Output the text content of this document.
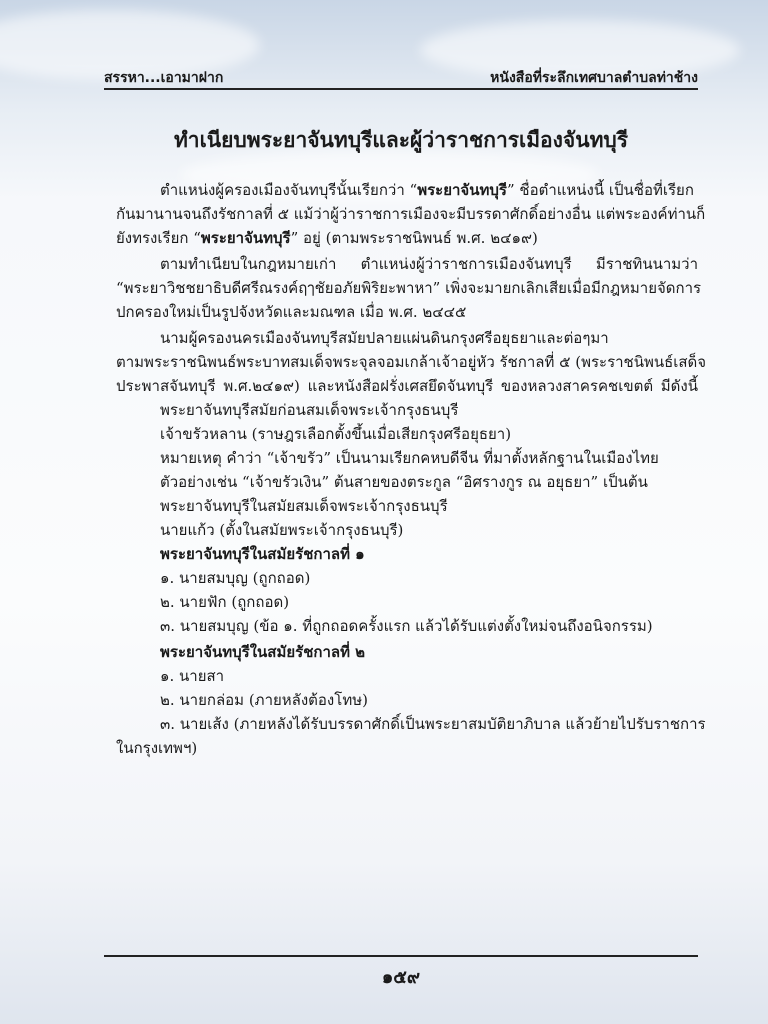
สรรหา...เอามาฝาก	หนังสือที่ระลึกเทศบาลตำบลท่าช้าง
ทำเนียบพระยาจันทบุรีและผู้ว่าราชการเมืองจันทบุรี
ตำแหน่งผู้ครองเมืองจันทบุรีนั้นเรียกว่า “พระยาจันทบุรี” ชื่อตำแหน่งนี้ เป็นชื่อที่เรียก
กันมานานจนถึงรัชกาลที่ ๕ แม้ว่าผู้ว่าราชการเมืองจะมีบรรดาศักดิ์อย่างอื่น แต่พระองค์ท่านก็
ยังทรงเรียก “พระยาจันทบุรี” อยู่ (ตามพระราชนิพนธ์ พ.ศ. ๒๔๑๙)
ตามทำเนียบในกฎหมายเก่า ตำแหน่งผู้ว่าราชการเมืองจันทบุรี มีราชทินนามว่า
“พระยาวิชชยาธิบดีศรีณรงค์ฤๅชัยอภัยพิริยะพาหา” เพิ่งจะมายกเลิกเสียเมื่อมีกฎหมายจัดการ
ปกครองใหม่เป็นรูปจังหวัดและมณฑล เมื่อ พ.ศ. ๒๔๔๕
นามผู้ครองนครเมืองจันทบุรีสมัยปลายแผ่นดินกรุงศรีอยุธยาและต่อๆมา
ตามพระราชนิพนธ์พระบาทสมเด็จพระจุลจอมเกล้าเจ้าอยู่หัว รัชกาลที่ ๕ (พระราชนิพนธ์เสด็จ
ประพาสจันทบุรี พ.ศ.๒๔๑๙) และหนังสือฝรั่งเศสยึดจันทบุรี ของหลวงสาครคชเขตต์ มีดังนี้
พระยาจันทบุรีสมัยก่อนสมเด็จพระเจ้ากรุงธนบุรี
เจ้าขรัวหลาน (ราษฎรเลือกตั้งขึ้นเมื่อเสียกรุงศรีอยุธยา)
หมายเหตุ คำว่า “เจ้าขรัว” เป็นนามเรียกคหบดีจีน ที่มาตั้งหลักฐานในเมืองไทย
ตัวอย่างเช่น “เจ้าขรัวเงิน” ต้นสายของตระกูล “อิศรางกูร ณ อยุธยา” เป็นต้น
พระยาจันทบุรีในสมัยสมเด็จพระเจ้ากรุงธนบุรี
นายแก้ว (ตั้งในสมัยพระเจ้ากรุงธนบุรี)
พระยาจันทบุรีในสมัยรัชกาลที่ ๑
๑. นายสมบุญ (ถูกถอด)
๒. นายฟัก (ถูกถอด)
๓. นายสมบุญ (ข้อ ๑. ที่ถูกถอดครั้งแรก แล้วได้รับแต่งตั้งใหม่จนถึงอนิจกรรม)
พระยาจันทบุรีในสมัยรัชกาลที่ ๒
๑. นายสา
๒. นายกล่อม (ภายหลังต้องโทษ)
๓. นายเส้ง (ภายหลังได้รับบรรดาศักดิ์เป็นพระยาสมบัติยาภิบาล แล้วย้ายไปรับราชการ
ในกรุงเทพฯ)
๑๕๙
